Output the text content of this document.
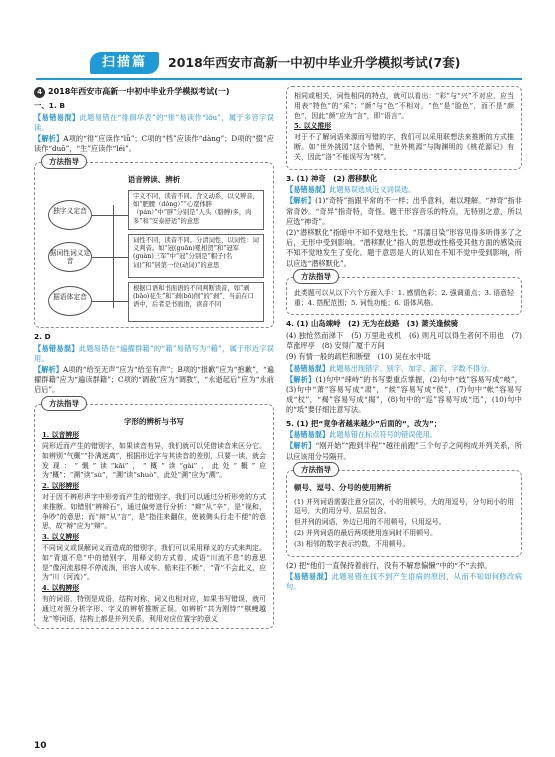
扫描篇	2018年西安市高新一中初中毕业升学模拟考试(7套)
4 2018年西安市高新一中初中毕业升学模拟考试(一)
一、1. B

【易错易混】此题易错在“徘徊华表”的“徘”易读作“lǒu”，属于多音字误读。

【解析】A项的“徘”应读作“lǚ”；C项的“档”应读作“dàng”；D项的“掇”应读作“duō”，“生”应读作“léi”。

方法指导
语音辨读、辨析
独字义定音
据词性词义定音
据语体定音
字义不同，读音不同。含义动系，以义辨音，如“肥腰（dǒng）”“心宽体胖（pán）”中“胖”分别是“人头（胳膊)多，肉多”和“安泰舒适”的意思
词性不同，读音不同。分清词性，以词性：词义判音。如“冠(guān)冕相贺”和“冠军(guàn)三军”中“冠”分别是“帽子(名词)”和“居第一位(动词)”的意思
根据口语和书面语的不同判断读音，如“剥(bāo)花生”和“剥(bō)削”的“剥”、当前在口语中，后者是书面语，读音不同
2. D

【易错易混】此题易错在“遍擢群籍”的“籍”易错写为“藉”，属于形近字误用。

【解析】A项的“给至无声”应为“给至有声”；B项的“报歉”应为“抱歉”，“遍擢群籍”应为“遍读群籍”；C项的“调赦”应为“调教”，“永逝起后”应为“永前启后”。

方法指导
字形的辨析与书写

1. 以音辨形

同形近而产生的错别字，如果读音有异，我们就可以凭借读音来区分它。如辨别“气概”“扑满迷离”，根据形近字与其读音的差别，只要一读，就会发现：“慨”读“kǎi”，“概”读“gài”，此处“概”应为“概”；“溯”读“sù”，“溯”读“shuò”，此处“溯”应为“溯”。

2. 以形辨形

对于因不辨形声字中形旁而产生的错别字，我们可以通过分析形旁的方式来推断。如错别“辨辩石”，通过偏旁进行分析：“辫”从“辛”，是“视和，争吵”的意思；而“辩”从“言”，是“指往来翻住，使被侧头行走不便”的意思，故“辩”应为“辩”。

3. 以义辨形

不同词义或误解词义而造成的错别字，我们可以采用释义的方式来判定。如“背道不息”中的错别字，用释义的方式看，成语“川流不息”的意思是“像河流那样不停流淌，形容人或车、船来往不断”，“背”不会此义，应为“川（河流）”。

4. 以构辨形

有的词语，特别是成语，结构对称，词义也相对应，如果书写错误，就可通过对照分析字形、字义的辨析推断正误。如辨析“共为刚恃”“棋鲤越龙”等词语，结构上都是并列关系，利用对应位置字的意义

相同或相关，词性相同的特点，就可以看出：“彩”与“兴”不对应，应当用表“特色”的“采”；“颜”与“色”不相对，“色”是“脸色”，而不是“颜色”，因此“颜”应为“言”，即“语言”。

5. 以义推形

对于不了解词语来源而写错的字，我们可以采用联想法来推断的方式推断。如“世外挑园”这个错例，“世外桃源”与陶渊明的《桃花源记》有关，因此“洛”不能误写为“桃”。

3. (1) 神奇　(2) 潜移默化

【易错易混】此题易误选成近义词误选。

【解析】(1)“奇特”指跟平常的不一样；出乎意料，难以理解。“神奇”指非常奇妙。“奇异”指奇特，奇怪。题干形容音乐的特点，无特别之意，所以应选“神奇”。

(2)“潜移默化”指暗中不知不觉地生长。“耳濡目染”形容见得多听得多了之后，无形中受到影响。“潜移默化”指人的思想或性格受其他方面的感染而不知不觉地发生了变化。题干意思是人的认知在不知不觉中受到影响，所以应选“潜移默化”。

方法指导

此类题可以从以下六个方面入手：1. 感情色彩；2. 强调重点；3. 语意轻重；4. 搭配范围；5. 词性功能；6. 语体风格。

4. (1) 山岛竦峙　(2) 无为在歧路　(3) 萧关逢候骑

(4) 独怆然而涕下　(5) 万里赴戎机　(6) 则凡可以得生者何不用也　(7) 草涨坪亭　(8) 安得广厦千万间

(9) 有情一般的疏栏和断壁　(10) 吴在水中坻

【易错易混】此题易出现错字、别字、加字、漏字、字数不得分。

【解析】(1)句中“竦峙”的书写要重点掌握，(2)句中“歧”容易写成“岐”，(3)句中“萧”容易写成“肃”，“候”容易写成“侯”，(7)句中“帐”容易写成“杖”，“褐”容易写成“揭”，(8)句中的“巡”容易写成“迅”，(10)句中的“坻”要仔细注意写法。

5. (1) 把“竟争者越来越少”后面的“，改为”；

【易错易混】此题易错在标点符号的错误使用。

【解析】“刚开始”“跑到半程”“越往前跑”三个句子之间构成并列关系，所以应该用分号隔开。

方法指导
顿号、逗号、分号的使用辨析

(1) 并列词语需要注意分层次，小的用顿号，大的用逗号，分句间小的用逗号，大的用分号，层层包含。

但并列的词语，外边已用的不用顿号，只用逗号。

(2) 并列词语的最后两项使用连词时不用顿号。

(3) 相邻的数字表示约数，不用顿号。

(2) 把“他们一直保持着前行，没有不解怠偏懒”中的“不”去掉。

【易错易混】此题易错在找不到产生语病的原因，从而不知如何修改病句。

10
